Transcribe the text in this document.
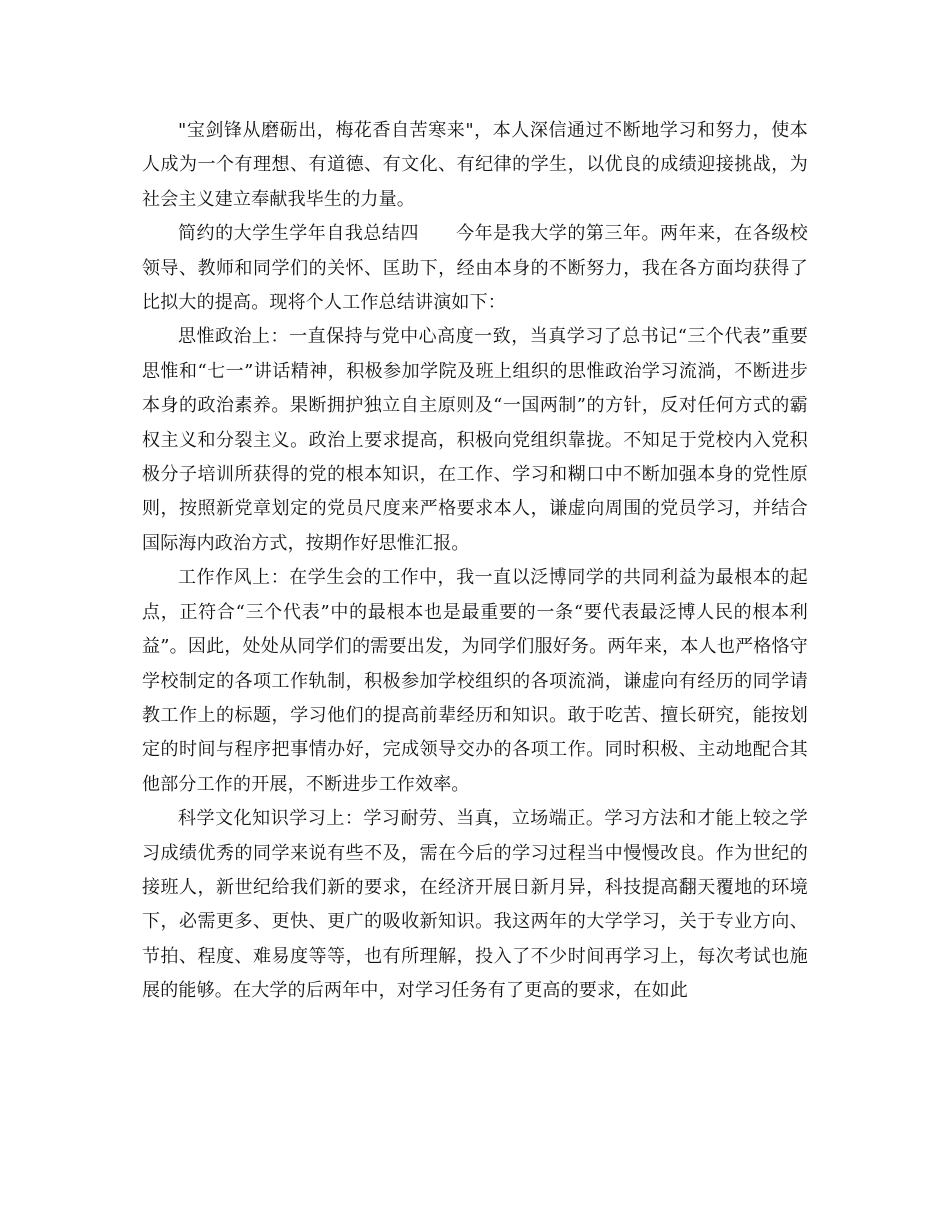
"宝剑锋从磨砺出，梅花香自苦寒来"，本人深信通过不断地学习和努力，使本人成为一个有理想、有道德、有文化、有纪律的学生，以优良的成绩迎接挑战，为社会主义建立奉献我毕生的力量。

简约的大学生学年自我总结四　　今年是我大学的第三年。两年来，在各级校领导、教师和同学们的关怀、匡助下，经由本身的不断努力，我在各方面均获得了比拟大的提高。现将个人工作总结讲演如下：

思惟政治上：一直保持与党中心高度一致，当真学习了总书记“三个代表”重要思惟和“七一”讲话精神，积极参加学院及班上组织的思惟政治学习流淌，不断进步本身的政治素养。果断拥护独立自主原则及“一国两制”的方针，反对任何方式的霸权主义和分裂主义。政治上要求提高，积极向党组织靠拢。不知足于党校内入党积极分子培训所获得的党的根本知识，在工作、学习和糊口中不断加强本身的党性原则，按照新党章划定的党员尺度来严格要求本人，谦虚向周围的党员学习，并结合国际海内政治方式，按期作好思惟汇报。

工作作风上：在学生会的工作中，我一直以泛博同学的共同利益为最根本的起点，正符合“三个代表”中的最根本也是最重要的一条“要代表最泛博人民的根本利益”。因此，处处从同学们的需要出发，为同学们服好务。两年来，本人也严格恪守学校制定的各项工作轨制，积极参加学校组织的各项流淌，谦虚向有经历的同学请教工作上的标题，学习他们的提高前辈经历和知识。敢于吃苦、擅长研究，能按划定的时间与程序把事情办好，完成领导交办的各项工作。同时积极、主动地配合其他部分工作的开展，不断进步工作效率。

科学文化知识学习上：学习耐劳、当真，立场端正。学习方法和才能上较之学习成绩优秀的同学来说有些不及，需在今后的学习过程当中慢慢改良。作为世纪的接班人，新世纪给我们新的要求，在经济开展日新月异，科技提高翻天覆地的环境下，必需更多、更快、更广的吸收新知识。我这两年的大学学习，关于专业方向、节拍、程度、难易度等等，也有所理解，投入了不少时间再学习上，每次考试也施展的能够。在大学的后两年中，对学习任务有了更高的要求，在如此
